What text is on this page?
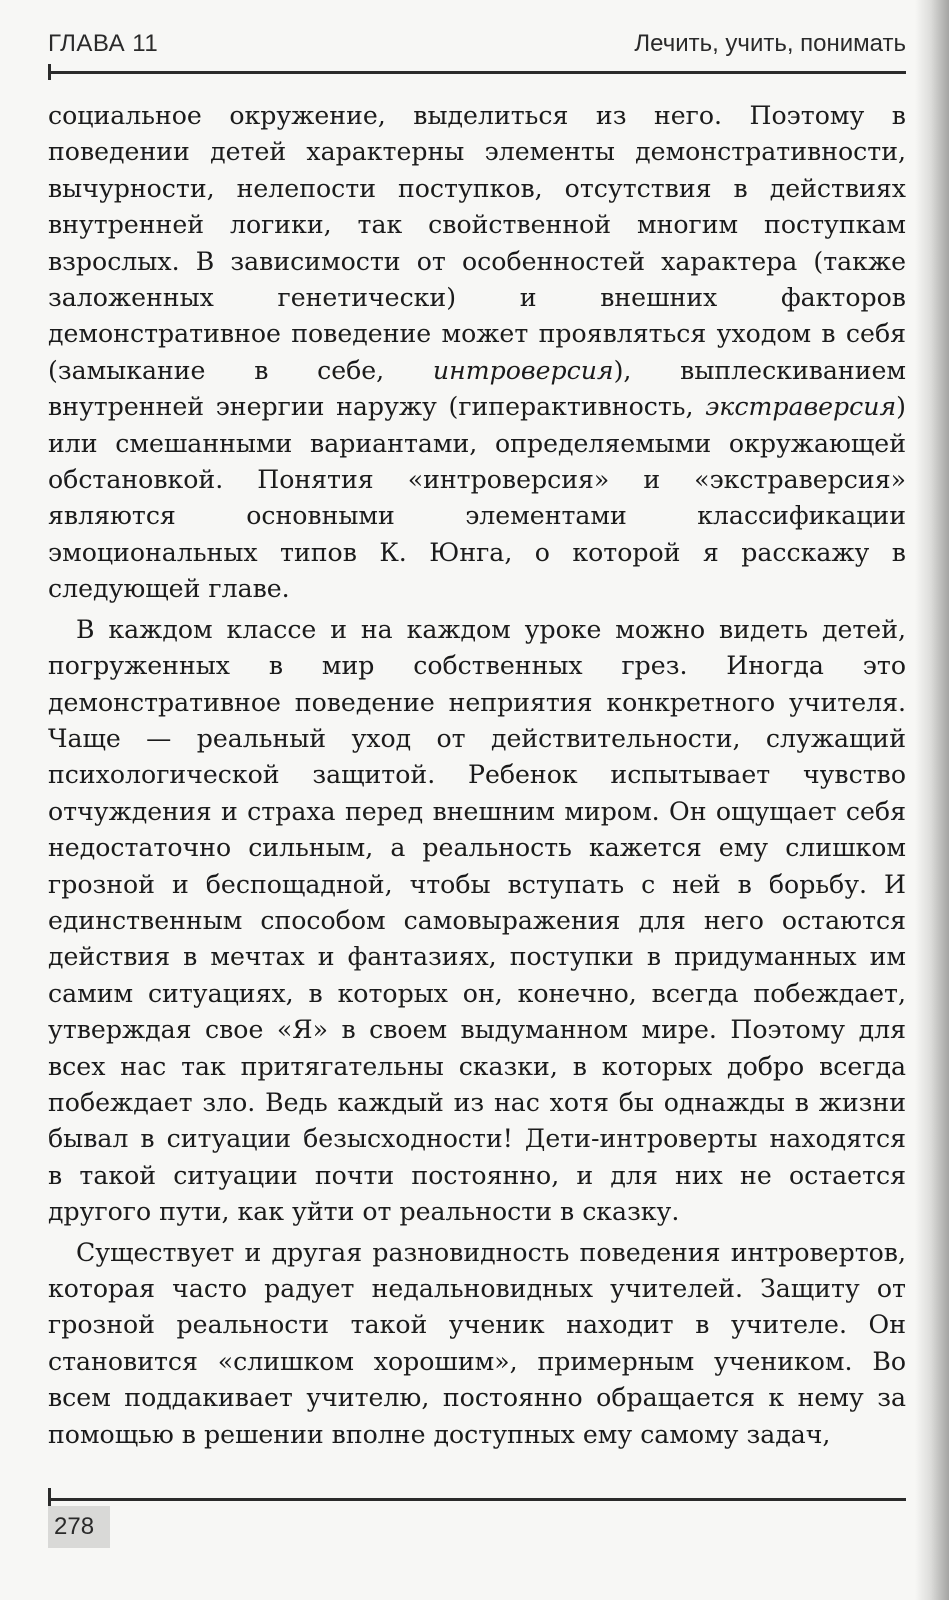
ГЛАВА 11	Лечить, учить, понимать

социальное окружение, выделиться из него. Поэтому в поведении детей характерны элементы демонстративности, вычурности, нелепости поступков, отсутствия в действиях внутренней логики, так свойственной многим поступкам взрослых. В зависимости от особенностей характера (также заложенных генетически) и внешних факторов демонстративное поведение может проявляться уходом в себя (замыкание в себе, интроверсия), выплескиванием внутренней энергии наружу (гиперактивность, экстраверсия) или смешанными вариантами, определяемыми окружающей обстановкой. Понятия «интроверсия» и «экстраверсия» являются основными элементами классификации эмоциональных типов К. Юнга, о которой я расскажу в следующей главе.

В каждом классе и на каждом уроке можно видеть детей, погруженных в мир собственных грез. Иногда это демонстративное поведение неприятия конкретного учителя. Чаще — реальный уход от действительности, служащий психологической защитой. Ребенок испытывает чувство отчуждения и страха перед внешним миром. Он ощущает себя недостаточно сильным, а реальность кажется ему слишком грозной и беспощадной, чтобы вступать с ней в борьбу. И единственным способом самовыражения для него остаются действия в мечтах и фантазиях, поступки в придуманных им самим ситуациях, в которых он, конечно, всегда побеждает, утверждая свое «Я» в своем выдуманном мире. Поэтому для всех нас так притягательны сказки, в которых добро всегда побеждает зло. Ведь каждый из нас хотя бы однажды в жизни бывал в ситуации безысходности! Дети-интроверты находятся в такой ситуации почти постоянно, и для них не остается другого пути, как уйти от реальности в сказку.

Существует и другая разновидность поведения интровертов, которая часто радует недальновидных учителей. Защиту от грозной реальности такой ученик находит в учителе. Он становится «слишком хорошим», примерным учеником. Во всем поддакивает учителю, постоянно обращается к нему за помощью в решении вполне доступных ему самому задач,

278
